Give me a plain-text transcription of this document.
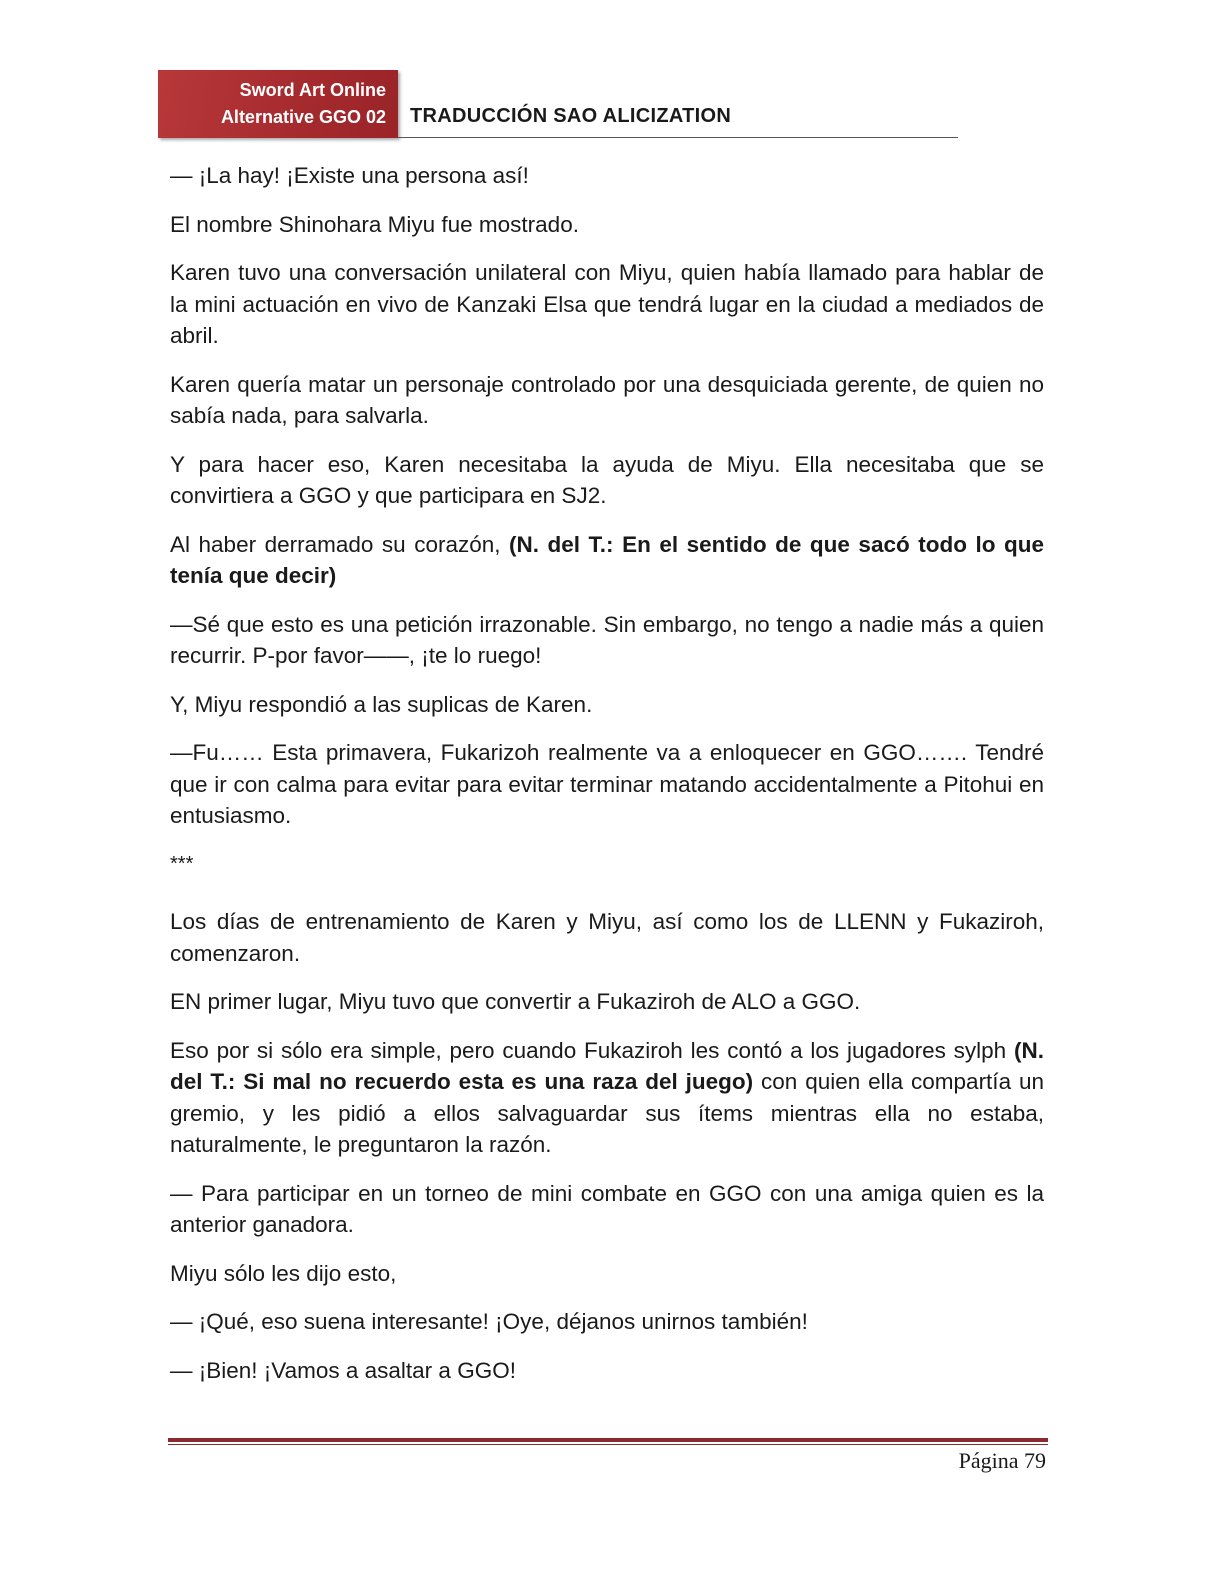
Sword Art Online
Alternative GGO 02 TRADUCCIÓN SAO ALICIZATION

— ¡La hay! ¡Existe una persona así!

El nombre Shinohara Miyu fue mostrado.

Karen tuvo una conversación unilateral con Miyu, quien había llamado para hablar de la mini actuación en vivo de Kanzaki Elsa que tendrá lugar en la ciudad a mediados de abril.

Karen quería matar un personaje controlado por una desquiciada gerente, de quien no sabía nada, para salvarla.

Y para hacer eso, Karen necesitaba la ayuda de Miyu. Ella necesitaba que se convirtiera a GGO y que participara en SJ2.

Al haber derramado su corazón, (N. del T.: En el sentido de que sacó todo lo que tenía que decir)

—Sé que esto es una petición irrazonable. Sin embargo, no tengo a nadie más a quien recurrir. P-por favor――, ¡te lo ruego!

Y, Miyu respondió a las suplicas de Karen.

—Fu…… Esta primavera, Fukarizoh realmente va a enloquecer en GGO……. Tendré que ir con calma para evitar para evitar terminar matando accidentalmente a Pitohui en entusiasmo.

***

Los días de entrenamiento de Karen y Miyu, así como los de LLENN y Fukaziroh, comenzaron.

EN primer lugar, Miyu tuvo que convertir a Fukaziroh de ALO a GGO.

Eso por si sólo era simple, pero cuando Fukaziroh les contó a los jugadores sylph (N. del T.: Si mal no recuerdo esta es una raza del juego) con quien ella compartía un gremio, y les pidió a ellos salvaguardar sus ítems mientras ella no estaba, naturalmente, le preguntaron la razón.

— Para participar en un torneo de mini combate en GGO con una amiga quien es la anterior ganadora.

Miyu sólo les dijo esto,

— ¡Qué, eso suena interesante! ¡Oye, déjanos unirnos también!

— ¡Bien! ¡Vamos a asaltar a GGO!

Página 79
